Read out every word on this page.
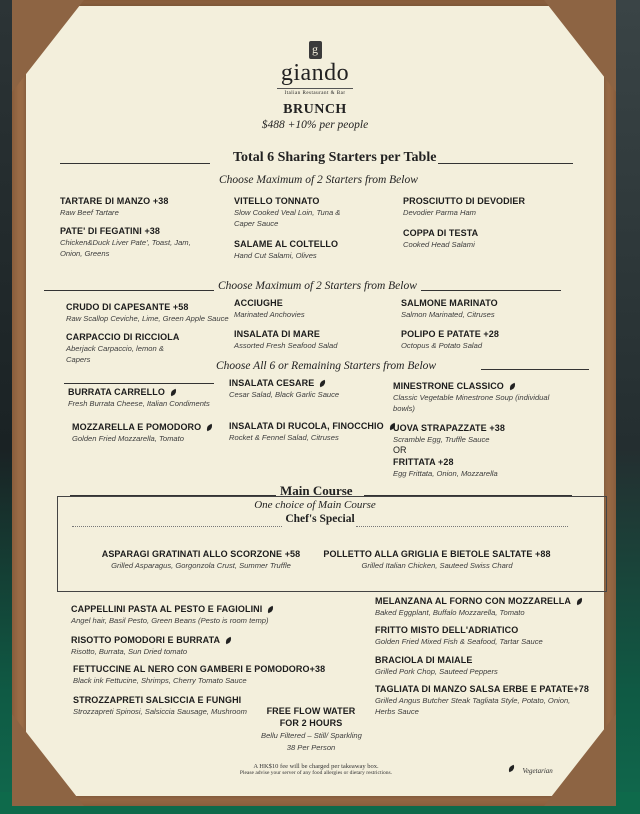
g
giando
Italian Restaurant & Bar
BRUNCH
$488 +10% per people
Total 6 Sharing Starters per Table
Choose Maximum of 2 Starters from Below
TARTARE DI MANZO +38
Raw Beef Tartare
PATE' DI FEGATINI +38
Chicken&Duck Liver Pate', Toast, Jam, Onion, Greens
VITELLO TONNATO
Slow Cooked Veal Loin, Tuna & Caper Sauce
SALAME AL COLTELLO
Hand Cut Salami, Olives
PROSCIUTTO DI DEVODIER
Devodier Parma Ham
COPPA DI TESTA
Cooked Head Salami
Choose Maximum of 2 Starters from Below
CRUDO DI CAPESANTE +58
Raw Scallop Ceviche, Lime, Green Apple Sauce
CARPACCIO DI RICCIOLA
Aberjack Carpaccio, lemon & Capers
ACCIUGHE
Marinated Anchovies
INSALATA DI MARE
Assorted Fresh Seafood Salad
SALMONE MARINATO
Salmon Marinated, Citruses
POLIPO E PATATE +28
Octopus & Potato Salad
Choose All 6 or Remaining Starters from Below
BURRATA CARRELLO
Fresh Burrata Cheese, Italian Condiments
MOZZARELLA E POMODORO
Golden Fried Mozzarella, Tomato
INSALATA CESARE
Cesar Salad, Black Garlic Sauce
INSALATA DI RUCOLA, FINOCCHIO
Rocket & Fennel Salad, Citruses
MINESTRONE CLASSICO
Classic Vegetable Minestrone Soup (individual bowls)
UOVA STRAPAZZATE +38
Scramble Egg, Truffle Sauce
OR
FRITTATA +28
Egg Frittata, Onion, Mozzarella
Main Course
One choice of Main Course
Chef's Special
ASPARAGI GRATINATI ALLO SCORZONE +58
Grilled Asparagus, Gorgonzola Crust, Summer Truffle
POLLETTO ALLA GRIGLIA E BIETOLE SALTATE +88
Grilled Italian Chicken, Sauteed Swiss Chard
CAPPELLINI PASTA AL PESTO E FAGIOLINI
Angel hair, Basil Pesto, Green Beans (Pesto is room temp)
RISOTTO POMODORI E BURRATA
Risotto, Burrata, Sun Dried tomato
FETTUCCINE AL NERO CON GAMBERI E POMODORO+38
Black ink Fettucine, Shrimps, Cherry Tomato Sauce
STROZZAPRETI SALSICCIA E FUNGHI
Strozzapreti Spinosi, Salsiccia Sausage, Mushroom
MELANZANA AL FORNO CON MOZZARELLA
Baked Eggplant, Buffalo Mozzarella, Tomato
FRITTO MISTO DELL'ADRIATICO
Golden Fried Mixed Fish & Seafood, Tartar Sauce
BRACIOLA DI MAIALE
Grilled Pork Chop, Sauteed Peppers
TAGLIATA DI MANZO SALSA ERBE E PATATE+78
Grilled Angus Butcher Steak Tagliata Style, Potato, Onion, Herbs Sauce
FREE FLOW WATER
FOR 2 HOURS
Bellu Filtered – Still/ Sparkling
38 Per Person
A HK$10 fee will be charged per takeaway box.
Please advise your server of any food allergies or dietary restrictions.	Vegetarian
